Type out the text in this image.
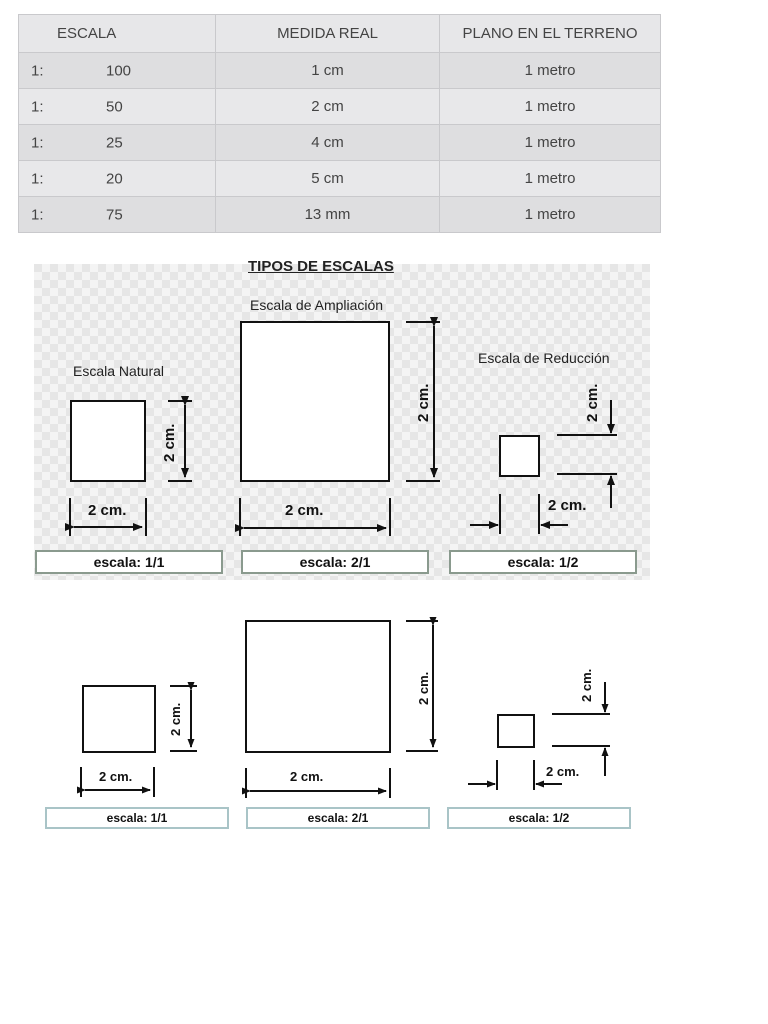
ESCALA	MEDIDA REAL	PLANO EN EL TERRENO

1: 100	1 cm	1 metro

1: 50	2 cm	1 metro

1: 25	4 cm	1 metro

1: 20	5 cm	1 metro

1: 75	13 mm	1 metro
TIPOS DE ESCALAS
Escala Natural
Escala de Ampliación
Escala de Reducción
2 cm.
2 cm.
2 cm.
2 cm.
2 cm.
2 cm.
escala: 1/1	escala: 2/1	escala: 1/2
2 cm.
2 cm.
2 cm.
2 cm.
2 cm.
2 cm.
escala: 1/1	escala: 2/1	escala: 1/2
